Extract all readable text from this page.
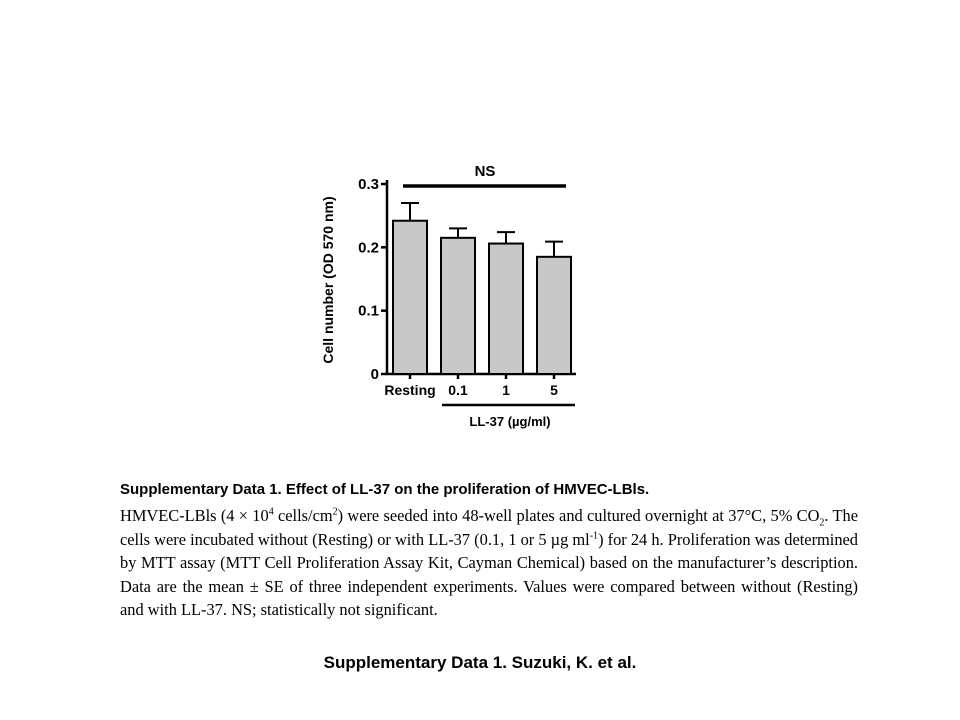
Cell number (OD 570 nm)
0
0.1
0.2
0.3
Resting 0.1 1	5
NS
LL-37 (µg/ml)

Supplementary Data 1. Effect of LL-37 on the proliferation of HMVEC-LBls.

HMVEC-LBls ($4 \times 10^4$ cells/$cm^2$) were seeded into 48-well plates and cultured overnight at 37°C, 5% $CO_2$. The cells were incubated without (Resting) or with LL-37 (0.1, 1 or 5 µg $ml^{-1}$) for 24 h. Proliferation was determined by MTT assay (MTT Cell Proliferation Assay Kit, Cayman Chemical) based on the manufacturer’s description. Data are the mean ± SE of three independent experiments. Values were compared between without (Resting) and with LL-37. NS; statistically not significant.

Supplementary Data 1. Suzuki, K. et al.
